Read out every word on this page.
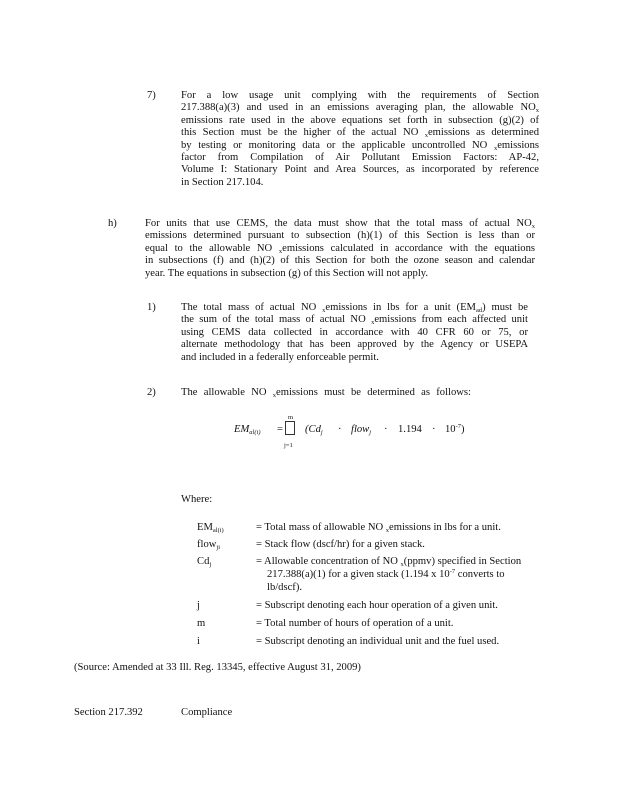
7) For a low usage unit complying with the requirements of Section
217.388(a)(3) and used in an emissions averaging plan, the allowable $NO_x$
emissions rate used in the above equations set forth in subsection (g)(2) of
this Section must be the higher of the actual NO $_x$emissions as determined
by testing or monitoring data or the applicable uncontrolled NO $_x$emissions
factor from Compilation of Air Pollutant Emission Factors: AP-42,
Volume I: Stationary Point and Area Sources, as incorporated by reference
in Section 217.104.
h)	For units that use CEMS, the data must show that the total mass of actual $NO_x$
emissions determined pursuant to subsection (h)(1) of this Section is less than or
equal to the allowable NO $_x$emissions calculated in accordance with the equations
in subsections (f) and (h)(2) of this Section for both the ozone season and calendar
year. The equations in subsection (g) of this Section will not apply.
1) The total mass of actual NO $_x$emissions in lbs for a unit $(EM_{ad})$ must be
the sum of the total mass of actual NO $_x$emissions from each affected unit
using CEMS data collected in accordance with 40 CFR 60 or 75, or
alternate methodology that has been approved by the Agency or USEPA
and included in a federally enforceable permit.
2) The allowable NO $_x$emissions must be determined as follows:
$EM_{al(i)}$ =
m
j=1
($Cd_j$ · flow$_j$ · $1.194 \cdot 10^{-7}$)
Where:
$EM_{al(i)}$	= Total mass of allowable NO $_x$emissions in lbs for a unit.
flow$_{ji}$	= Stack flow (dscf/hr) for a given stack.
$Cd_j$	= Allowable concentration of NO $_x$(ppmv) specified in Section
217.388(a)(1) for a given stack (1.194 x $10^{-7}$ converts to
lb/dscf).
j	= Subscript denoting each hour operation of a given unit.
m	= Total number of hours of operation of a unit.
i	= Subscript denoting an individual unit and the fuel used.
(Source: Amended at 33 Ill. Reg. 13345, effective August 31, 2009)
Section 217.392	Compliance
